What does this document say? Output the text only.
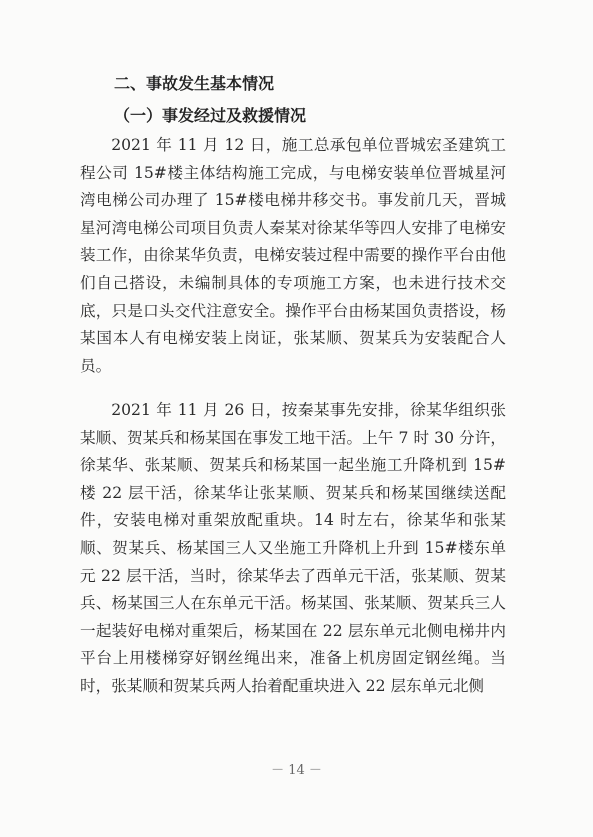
二、事故发生基本情况
（一）事发经过及救援情况

2021 年 11 月 12 日，施工总承包单位晋城宏圣建筑工程公司 15#楼主体结构施工完成，与电梯安装单位晋城星河湾电梯公司办理了 15#楼电梯井移交书。事发前几天，晋城星河湾电梯公司项目负责人秦某对徐某华等四人安排了电梯安装工作，由徐某华负责，电梯安装过程中需要的操作平台由他们自己搭设，未编制具体的专项施工方案，也未进行技术交底，只是口头交代注意安全。操作平台由杨某国负责搭设，杨某国本人有电梯安装上岗证，张某顺、贺某兵为安装配合人员。

2021 年 11 月 26 日，按秦某事先安排，徐某华组织张某顺、贺某兵和杨某国在事发工地干活。上午 7 时 30 分许，徐某华、张某顺、贺某兵和杨某国一起坐施工升降机到 15#楼 22 层干活，徐某华让张某顺、贺某兵和杨某国继续送配件，安装电梯对重架放配重块。14 时左右，徐某华和张某顺、贺某兵、杨某国三人又坐施工升降机上升到 15#楼东单元 22 层干活，当时，徐某华去了西单元干活，张某顺、贺某兵、杨某国三人在东单元干活。杨某国、张某顺、贺某兵三人一起装好电梯对重架后，杨某国在 22 层东单元北侧电梯井内平台上用楼梯穿好钢丝绳出来，准备上机房固定钢丝绳。当时，张某顺和贺某兵两人抬着配重块进入 22 层东单元北侧

－ 14 －
